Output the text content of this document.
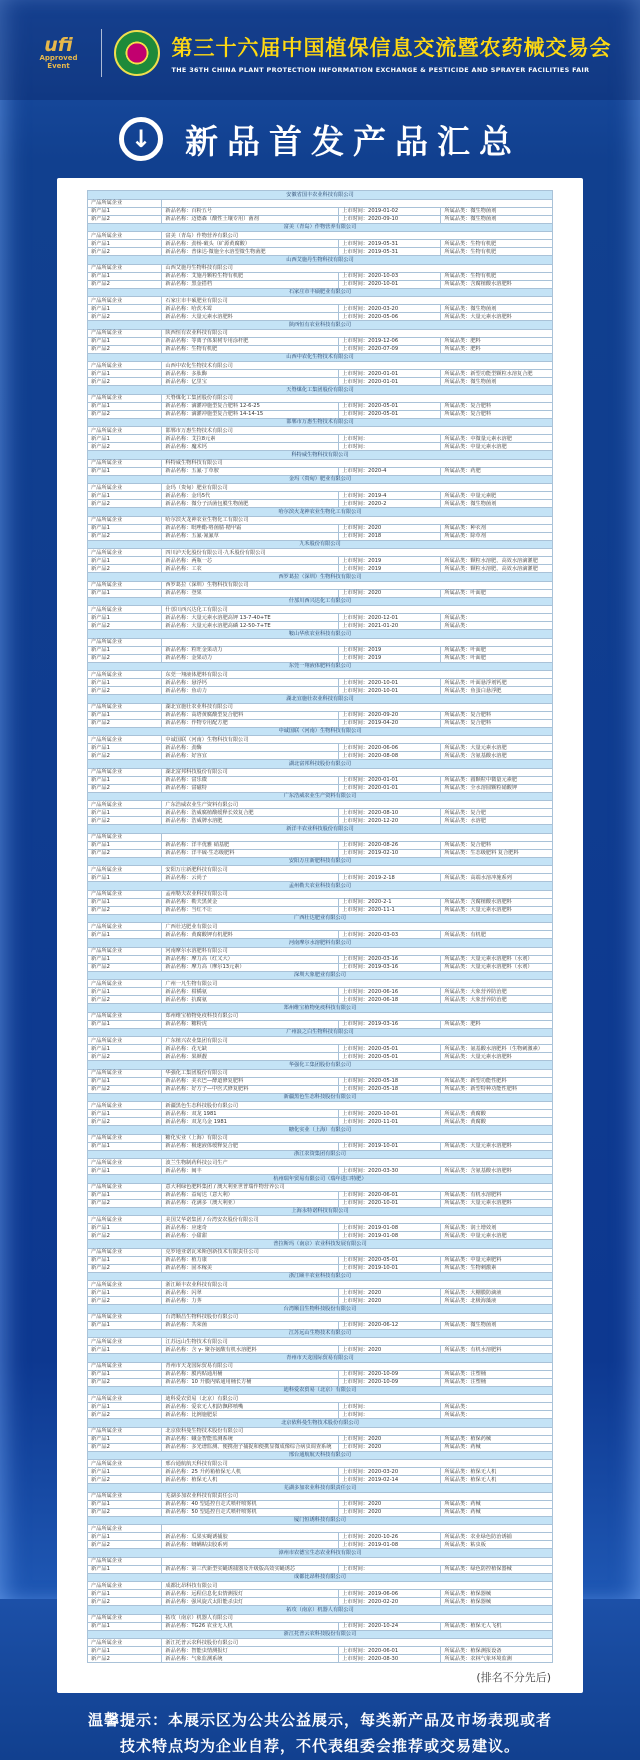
ufi
Approved Event
第三十六届中国植保信息交流暨农药械交易会
THE 36TH CHINA PLANT PROTECTION INFORMATION EXCHANGE & PESTICIDE AND SPRAYER FACILITIES FAIR
↓ 新品首发产品汇总
安徽省国丰农业科技有限公司			
产品所属企业			
新产品1	新品名称：百粉五号	上市时间：2019-01-02	所属品类：微生物菌剂
新产品2	新品名称：迈德森（酸性土壤专用）菌剂	上市时间：2020-09-10	所属品类：微生物菌剂
富美（青岛）作物营养有限公司			
产品所属企业	富美（青岛）作物营养有限公司		
新产品1	新品名称：劲杨·破头（矿源黄腐酸）	上市时间：2019-05-31	所属品类：生物有机肥
新产品2	新品名称：普徕达·微施全水溶型微生物菌肥	上市时间：2019-05-31	所属品类：生物有机肥
山西艾施丹生物科技有限公司			
产品所属企业	山西艾施丹生物科技有限公司		
新产品1	新品名称：艾施丹颗粒生物有机肥	上市时间：2020-10-03	所属品类：生物有机肥
新产品2	新品名称：黑金搭档	上市时间：2020-10-01	所属品类：含腐植酸水溶肥料
石家庄市丰硕肥业有限公司			
产品所属企业	石家庄市丰硕肥业有限公司		
新产品1	新品名称：哈茨木霉	上市时间：2020-03-20	所属品类：微生物菌剂
新产品2	新品名称：大量元素水溶肥料	上市时间：2020-05-06	所属品类：大量元素水溶肥料
陕西恒有农业科技有限公司			
产品所属企业	陕西恒有农业科技有限公司		
新产品1	新品名称：等离子体果树专用涂杆肥	上市时间：2019-12-06	所属品类：肥料
新产品2	新品名称：生物有机肥	上市时间：2020-07-09	所属品类：肥料
山西中农化生物技术有限公司			
产品所属企业	山西中农化生物技术有限公司		
新产品1	新品名称：多肽酶	上市时间：2020-01-01	所属品类：新型功能型颗粒水溶复合肥
新产品2	新品名称：亿里宝	上市时间：2020-01-01	所属品类：微生物菌剂
天脊煤化工集团股份有限公司			
产品所属企业	天脊煤化工集团股份有限公司		
新产品1	新品名称：滴灌冲施型复合肥料 12-6-25	上市时间：2020-05-01	所属品类：复合肥料
新产品2	新品名称：滴灌冲施型复合肥料 14-14-15	上市时间：2020-05-01	所属品类：复合肥料
邯郸市万惠生物技术有限公司			
产品所属企业	邯郸市万惠生物技术有限公司		
新产品1	新品名称：艾拉8元素	上市时间：	所属品类：中微量元素水溶肥
新产品2	新品名称：魔术钙	上市时间：	所属品类：中量元素水溶肥
科特威生物科技有限公司			
产品所属企业	科特威生物科技有限公司		
新产品1	新品名称：五氟·丁草胺	上市时间：2020-4	所属品类：药肥
金玛（贵甸）肥业有限公司			
产品所属企业	金玛（贵甸）肥业有限公司		
新产品1	新品名称：金玛5代	上市时间：2019-4	所属品类：中量元素肥
新产品2	新品名称：微分子活菌包膜生物菌肥	上市时间：2020-2	所属品类：微生物菌剂
哈尔滨火龙神农业生物化工有限公司			
产品所属企业	哈尔滨火龙神农业生物化工有限公司		
新产品1	新品名称：吡唑酯·咯菌腈·精甲霜	上市时间：2020	所属品类：种衣剂
新产品2	新品名称：五氟·氰氟草	上市时间：2018	所属品类：除草剂
九禾股份有限公司			
产品所属企业	四川泸天化股份有限公司·九禾股份有限公司		
新产品1	新品名称：两瓶一芯	上市时间：2019	所属品类：颗粒水溶肥、高效水溶滴灌肥
新产品2	新品名称：工农	上市时间：2019	所属品类：颗粒水溶肥、高效水溶滴灌肥
西罗葛拉（深圳）生物科技有限公司			
产品所属企业	西罗葛拉（深圳）生物科技有限公司		
新产品1	新品名称：登果	上市时间：2020	所属品类：叶面肥
什邡川西兴达化工有限公司			
产品所属企业	什邡川西兴达化工有限公司		
新产品1	新品名称：大量元素水溶肥高钾 13-7-40+TE	上市时间：2020-12-01	所属品类：
新产品2	新品名称：大量元素水溶肥高磷 12-50-7+TE	上市时间：2021-01-20	所属品类：
鞍山华欣农业科技有限公司			
产品所属企业			
新产品1	新品名称：粒旺金果动力	上市时间：2019	所属品类：叶面肥
新产品2	新品名称：金果动力	上市时间：2019	所属品类：叶面肥
东莞一翔液体肥料有限公司			
产品所属企业	东莞一翔液体肥料有限公司		
新产品1	新品名称：悬浮钙	上市时间：2020-10-01	所属品类：叶面悬浮剂钙肥
新产品2	新品名称：鱼动力	上市时间：2020-10-01	所属品类：鱼蛋白悬浮肥
湖北宜施壮农业科技有限公司			
产品所属企业	湖北宜施壮农业科技有限公司		
新产品1	新品名称：高塔黄腐酸型复合肥料	上市时间：2020-09-20	所属品类：复合肥料
新产品2	新品名称：作物专用配方肥	上市时间：2019-04-20	所属品类：复合肥料
中诚国联（河南）生物科技有限公司			
产品所属企业	中诚国联（河南）生物科技有限公司		
新产品1	新品名称：劲酶	上市时间：2020-06-06	所属品类：大量元素水溶肥
新产品2	新品名称：好容宜	上市时间：2020-08-08	所属品类：含氨基酸水溶肥
湖北富邦科技股份有限公司			
产品所属企业	湖北富邦科技股份有限公司		
新产品1	新品名称：富乐微	上市时间：2020-01-01	所属品类：圆颗粒中微量元素肥
新产品2	新品名称：富磁特	上市时间：2020-01-01	所属品类：全水溶圆颗粒硝酸钾
广东浩威农业生产资料有限公司			
产品所属企业	广东浩威农业生产资料有限公司		
新产品1	新品名称：浩威腐植酸缓释长效复合肥	上市时间：2020-08-10	所属品类：复合肥
新产品2	新品名称：浩威牌水溶肥	上市时间：2020-12-20	所属品类：水溶肥
新洋丰农业科技股份有限公司			
产品所属企业			
新产品1	新品名称：洋丰优雅 硝基肥	上市时间：2020-08-26	所属品类：复合肥料
新产品2	新品名称：洋丰硫·生态级肥料	上市时间：2019-02-10	所属品类：生态级肥料 复合肥料
安阳万庄新肥科技有限公司			
产品所属企业	安阳万庄新肥科技有限公司		
新产品1	新品名称：云尚子	上市时间：2019-2-18	所属品类：高端水溶冲施系列
孟州勒夫农业科技有限公司			
产品所属企业	孟州勒夫农业科技有限公司		
新产品1	新品名称：勒夫黑黄金	上市时间：2020-2-1	所属品类：含腐植酸水溶肥料
新产品2	新品名称：当红不让	上市时间：2020-11-1	所属品类：大量元素水溶肥料
广西壮达肥业有限公司			
产品所属企业	广西壮达肥业有限公司		
新产品1	新品名称：黄腐酸钾有机肥料	上市时间：2020-03-03	所属品类：有机肥
河南摩尔水溶肥料有限公司			
产品所属企业	河南摩尔水溶肥料有限公司		
新产品1	新品名称：摩力高（红又大）	上市时间：2020-03-16	所属品类：大量元素水溶肥料（水剂）
新产品2	新品名称：摩力高（摩尔13元素）	上市时间：2019-03-16	所属品类：大量元素水溶肥料（水剂）
深圳大象肥业有限公司			
产品所属企业	广州一凡生物有限公司		
新产品1	新品名称：柑橘氨	上市时间：2020-06-16	所属品类：大象营养防治肥
新产品2	新品名称：抗腐氨	上市时间：2020-06-18	所属品类：大象营养防治肥
郑州维宝植物免疫科技有限公司			
产品所属企业	郑州维宝植物免疫科技有限公司		
新产品1	新品名称：糖粉虎	上市时间：2019-03-16	所属品类：肥料
广州浪之白生物科技有限公司			
产品所属企业	广东植兴农业集团有限公司		
新产品1	新品名称：花无缺	上市时间：2020-05-01	所属品类：氨基酸水溶肥料（生物刺激素）
新产品2	新品名称：果颜靓	上市时间：2020-05-01	所属品类：大量元素水溶肥料
华强化工集团股份有限公司			
产品所属企业	华强化工集团股份有限公司		
新产品1	新品名称：美衣巴—酵道修复肥料	上市时间：2020-05-18	所属品类：新型功能性肥料
新产品2	新品名称：好方子—中医式修复肥料	上市时间：2020-05-18	所属品类：新型特种功能性肥料
新疆黑色生态科技股份有限公司			
产品所属企业	新疆黑色生态科技股份有限公司		
新产品1	新品名称：双龙 1981	上市时间：2020-10-01	所属品类：黄腐酸
新产品2	新品名称：双龙乌金 1981	上市时间：2020-11-01	所属品类：黄腐酸
糖化实业（上海）有限公司			
产品所属企业	糖化实业（上海）有限公司		
新产品1	新品名称：极速液体缓释复合肥	上市时间：2019-10-01	所属品类：大量元素水溶肥料
浙江农资集团有限公司			
产品所属企业	波兰生物制药科技公司生产		
新产品1	新品名称：闽丰	上市时间：2020-03-30	所属品类：含氨基酸水溶肥料
杭州瑞年贸易有限公司（瑞年进口特肥）			
产品所属企业	意大利绿色肥料集团 / 澳大利亚世普瑞作物营养公司		
新产品1	新品名称：益甸达（意大利）	上市时间：2020-06-01	所属品类：有机水溶肥料
新产品2	新品名称：花满多（澳大利亚）	上市时间：2020-10-01	所属品类：大量元素水溶肥料
上海永特诺科技有限公司			
产品所属企业	美国艾华诺集团 / 台湾安农股份有限公司		
新产品1	新品名称：应速奇	上市时间：2019-01-08	所属品类：润土增效剂
新产品2	新品名称：小甜甜	上市时间：2019-01-08	所属品类：中量元素水溶肥
普拉斯玛（南京）农业科技发展有限公司			
产品所属企业	克罗地亚诺瓦米斯创新技术有限责任公司		
新产品1	新品名称：植力康	上市时间：2020-05-01	所属品类：中量元素肥料
新产品2	新品名称：固本稼美	上市时间：2019-10-01	所属品类：生物刺激素
浙江颐丰农业科技有限公司			
产品所属企业	浙江颐丰农业科技有限公司		
新产品1	新品名称：闪翠	上市时间：2020	所属品类：大棚膜防滴液
新产品2	新品名称：力荠	上市时间：2020	所属品类：北极海藻液
台湾顺昌生物科技股份有限公司			
产品所属企业	台湾顺昌生物科技股份有限公司		
新产品1	新品名称：共荣菌	上市时间：2020-06-12	所属品类：微生物菌剂
江苏远山生物技术有限公司			
产品所属企业	江苏远山生物技术有限公司		
新产品1	新品名称：含 γ- 聚谷氨酸有机水溶肥料	上市时间：2020	所属品类：有机水溶肥料
青州市天龙国际贸易有限公司			
产品所属企业	青州市天龙国际贸易有限公司		
新产品1	新品名称：膜内贴通用桶	上市时间：2020-10-09	所属品类：注塑桶
新产品2	新品名称：10 升膜内贴通用桶长方桶	上市时间：2020-10-09	所属品类：注塑桶
迪科爱农贸易（北京）有限公司			
产品所属企业	迪科爱农贸易（北京）有限公司		
新产品1	新品名称：爱农无人机防飘移喷嘴	上市时间：	所属品类：
新产品2	新品名称：比例施肥泵	上市时间：	所属品类：
北京依科曼生物技术股份有限公司			
产品所属企业	北京依科曼生物技术股份有限公司		
新产品1	新品名称：蛾金智能监测系统	上市时间：2020	所属品类：植保药械
新产品2	新品名称：多光谱监测、便携孢子捕捉和便携显微成像综合病虫调查系统	上市时间：2020	所属品类：药械
邢台通航航天科技有限公司			
产品所属企业	邢台通航航天科技有限公司		
新产品1	新品名称：25 升药箱植保无人机	上市时间：2020-03-20	所属品类：植保无人机
新产品2	新品名称：植保无人机	上市时间：2019-02-14	所属品类：植保无人机
芜湖多加农业科技有限责任公司			
产品所属企业	芜湖多加农业科技有限责任公司		
新产品1	新品名称：40 型遥控自走式喷杆喷雾机	上市时间：2020	所属品类：药械
新产品2	新品名称：50 型遥控自走式喷杆喷雾机	上市时间：2020	所属品类：药械
厦门恒诱科技有限公司			
产品所属企业			
新产品1	新品名称：瓜果实蝇诱捕胶	上市时间：2020-10-26	所属品类：农业绿色防治诱捕
新产品2	新品名称：蚜螨粘虫胶系列	上市时间：2019-01-08	所属品类：粘虫板
漳州市农德宝生态农业科技有限公司			
产品所属企业			
新产品1	新品名称：第三代新型实蝇诱捕器及升级版高效实蝇诱芯	上市时间：	所属品类：绿色防控植保器械
成都比昂科技有限公司			
产品所属企业	成都比昂科技有限公司		
新产品1	新品名称：远程信息化虫情测报灯	上市时间：2019-06-06	所属品类：植保器械
新产品2	新品名称：强风旋式太阳能杀虫灯	上市时间：2020-02-20	所属品类：植保器械
拓攻（南京）机器人有限公司			
产品所属企业	拓攻（南京）机器人有限公司		
新产品1	新品名称：TG26 农业无人机	上市时间：2020-10-24	所属品类：植保无人飞机
浙江托普云农科技股份有限公司			
产品所属企业	浙江托普云农科技股份有限公司		
新产品1	新品名称：智能虫情测报灯	上市时间：2020-06-01	所属品类：植保测报设备
新产品2	新品名称：气象监测系统	上市时间：2020-08-30	所属品类：农林气象环境监测
(排名不分先后)
温馨提示：本展示区为公共公益展示，每类新产品及市场表现或者
技术特点均为企业自荐，不代表组委会推荐或交易建议。
